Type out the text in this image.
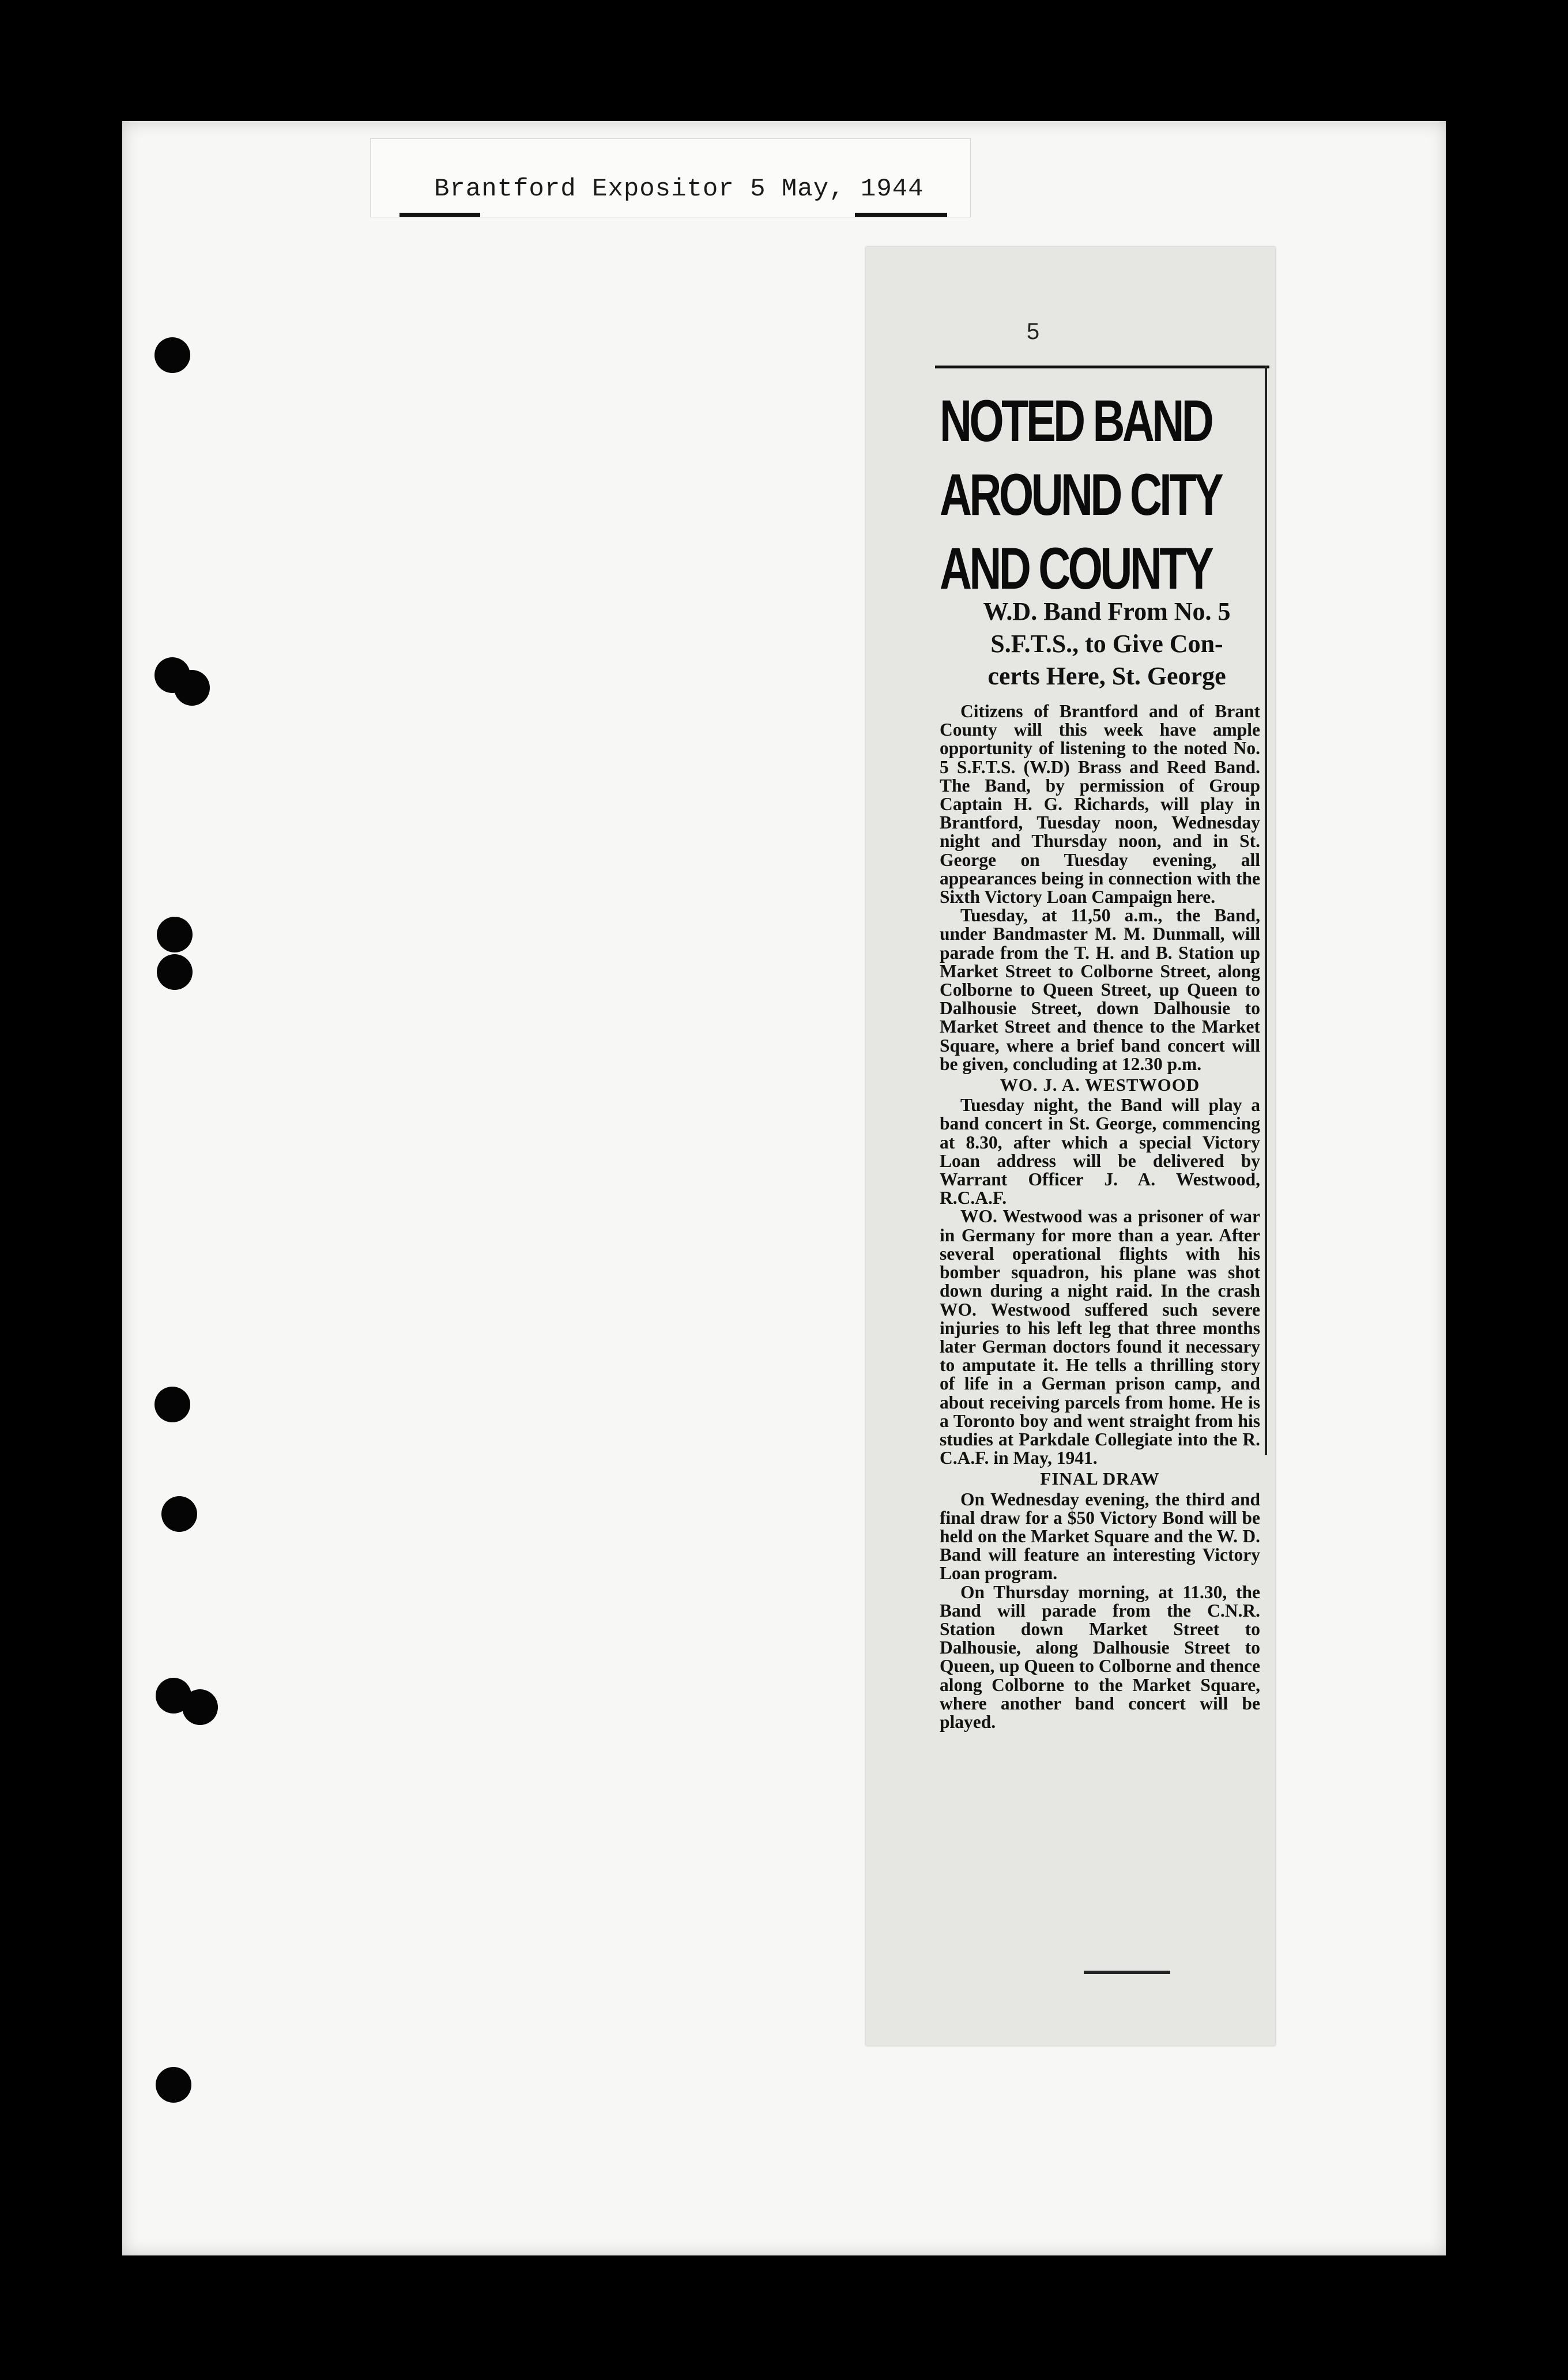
Brantford Expositor 5 May, 1944
5
NOTED BAND
AROUND CITY
AND COUNTY
W.D. Band From No. 5
S.F.T.S., to Give Con-
certs Here, St. George

Citizens of Brantford and of Brant County will this week have ample opportunity of listening to the noted No. 5 S.F.T.S. (W.D) Brass and Reed Band. The Band, by permission of Group Captain H. G. Richards, will play in Brantford, Tuesday noon, Wednesday night and Thursday noon, and in St. George on Tuesday evening, all appearances being in connection with the Sixth Victory Loan Campaign here.

Tuesday, at 11,50 a.m., the Band, under Bandmaster M. M. Dunmall, will parade from the T. H. and B. Station up Market Street to Colborne Street, along Colborne to Queen Street, up Queen to Dalhousie Street, down Dalhousie to Market Street and thence to the Market Square, where a brief band concert will be given, concluding at 12.30 p.m.

WO. J. A. WESTWOOD

Tuesday night, the Band will play a band concert in St. George, commencing at 8.30, after which a special Victory Loan address will be delivered by Warrant Officer J. A. Westwood, R.C.A.F.

WO. Westwood was a prisoner of war in Germany for more than a year. After several operational flights with his bomber squadron, his plane was shot down during a night raid. In the crash WO. Westwood suffered such severe injuries to his left leg that three months later German doctors found it necessary to amputate it. He tells a thrilling story of life in a German prison camp, and about receiving parcels from home. He is a Toronto boy and went straight from his studies at Parkdale Collegiate into the R. C.A.F. in May, 1941.

FINAL DRAW

On Wednesday evening, the third and final draw for a $50 Victory Bond will be held on the Market Square and the W. D. Band will feature an interesting Victory Loan program.

On Thursday morning, at 11.30, the Band will parade from the C.N.R. Station down Market Street to Dalhousie, along Dalhousie Street to Queen, up Queen to Colborne and thence along Colborne to the Market Square, where another band concert will be played.
